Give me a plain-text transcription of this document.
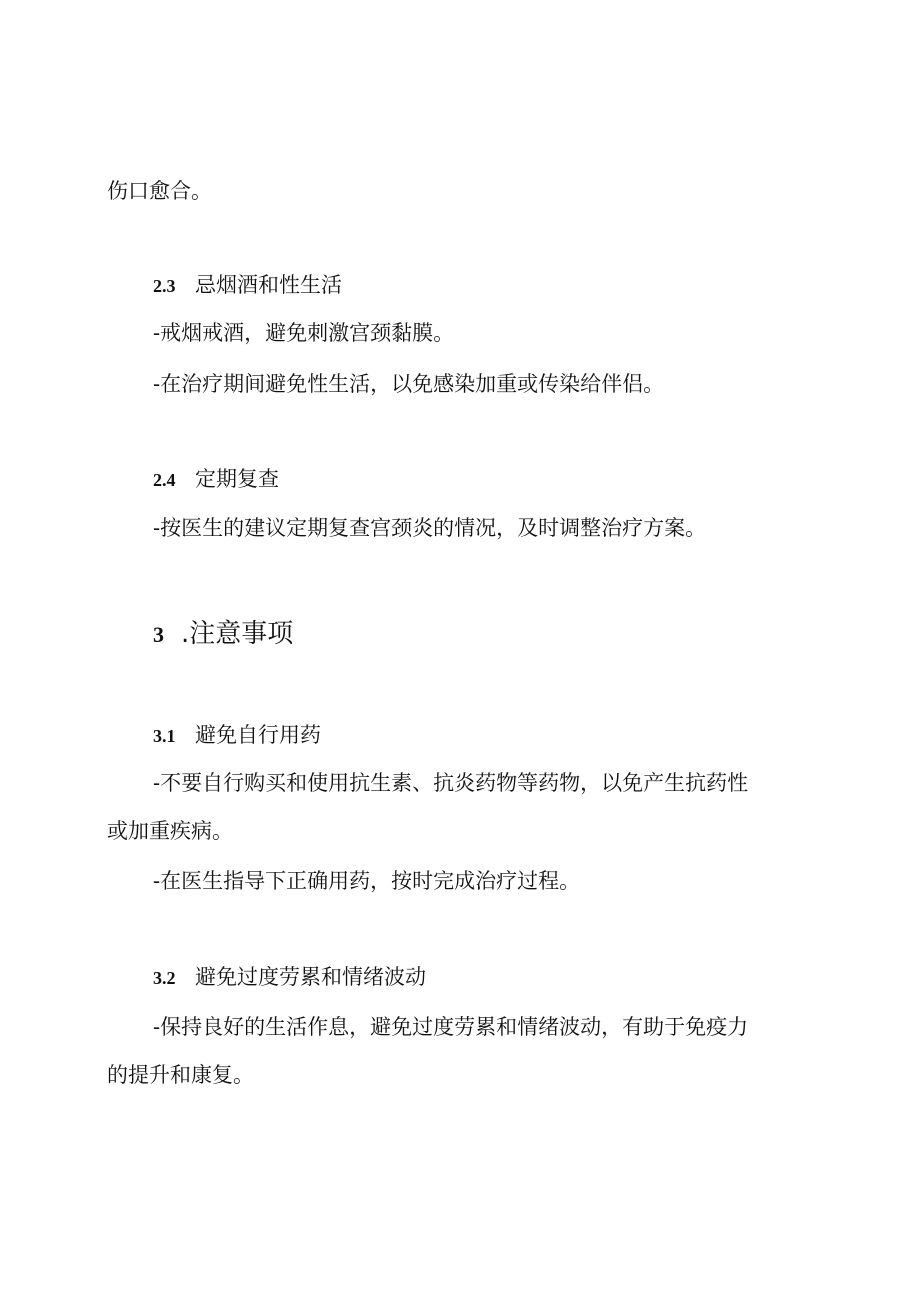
伤口愈合。
2.3 忌烟酒和性生活
-戒烟戒酒，避免刺激宫颈黏膜。
-在治疗期间避免性生活，以免感染加重或传染给伴侣。
2.4 定期复查
-按医生的建议定期复查宫颈炎的情况，及时调整治疗方案。
3 .注意事项
3.1 避免自行用药
-不要自行购买和使用抗生素、抗炎药物等药物，以免产生抗药性
或加重疾病。
-在医生指导下正确用药，按时完成治疗过程。
3.2 避免过度劳累和情绪波动
-保持良好的生活作息，避免过度劳累和情绪波动，有助于免疫力
的提升和康复。
